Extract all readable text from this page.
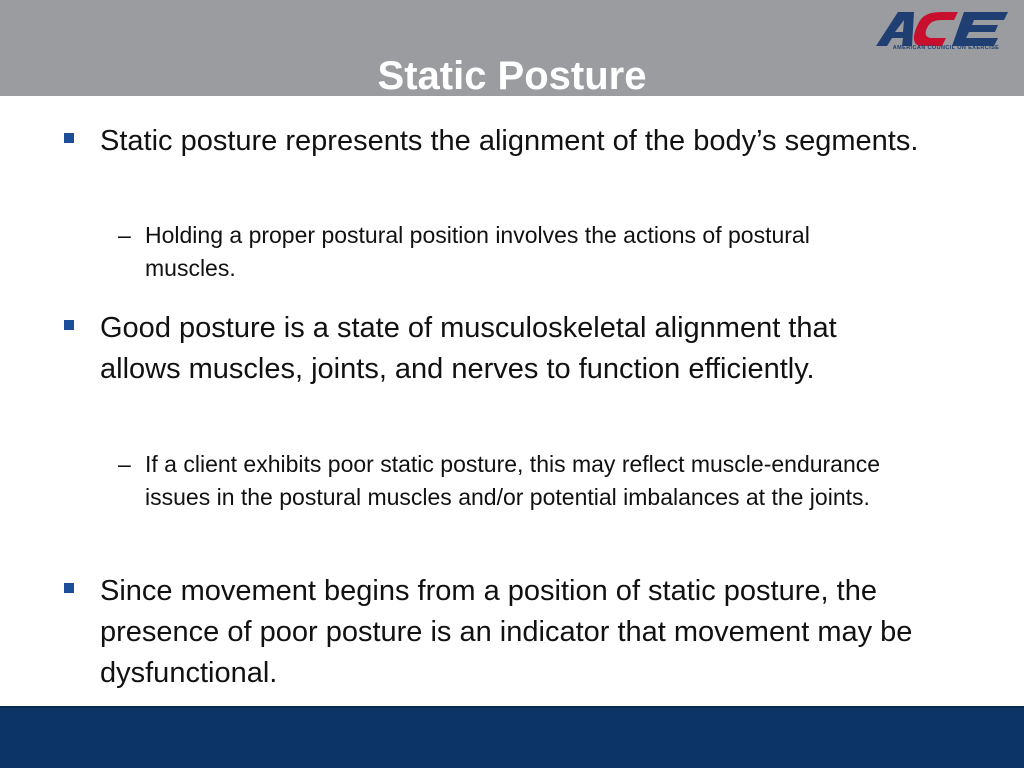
Static Posture
AMERICAN COUNCIL ON EXERCISE
Static posture represents the alignment of the body’s segments.
– Holding a proper postural position involves the actions of postural muscles.
Good posture is a state of musculoskeletal alignment that allows muscles, joints, and nerves to function efficiently.
– If a client exhibits poor static posture, this may reflect muscle-endurance issues in the postural muscles and/or potential imbalances at the joints.
Since movement begins from a position of static posture, the presence of poor posture is an indicator that movement may be dysfunctional.
